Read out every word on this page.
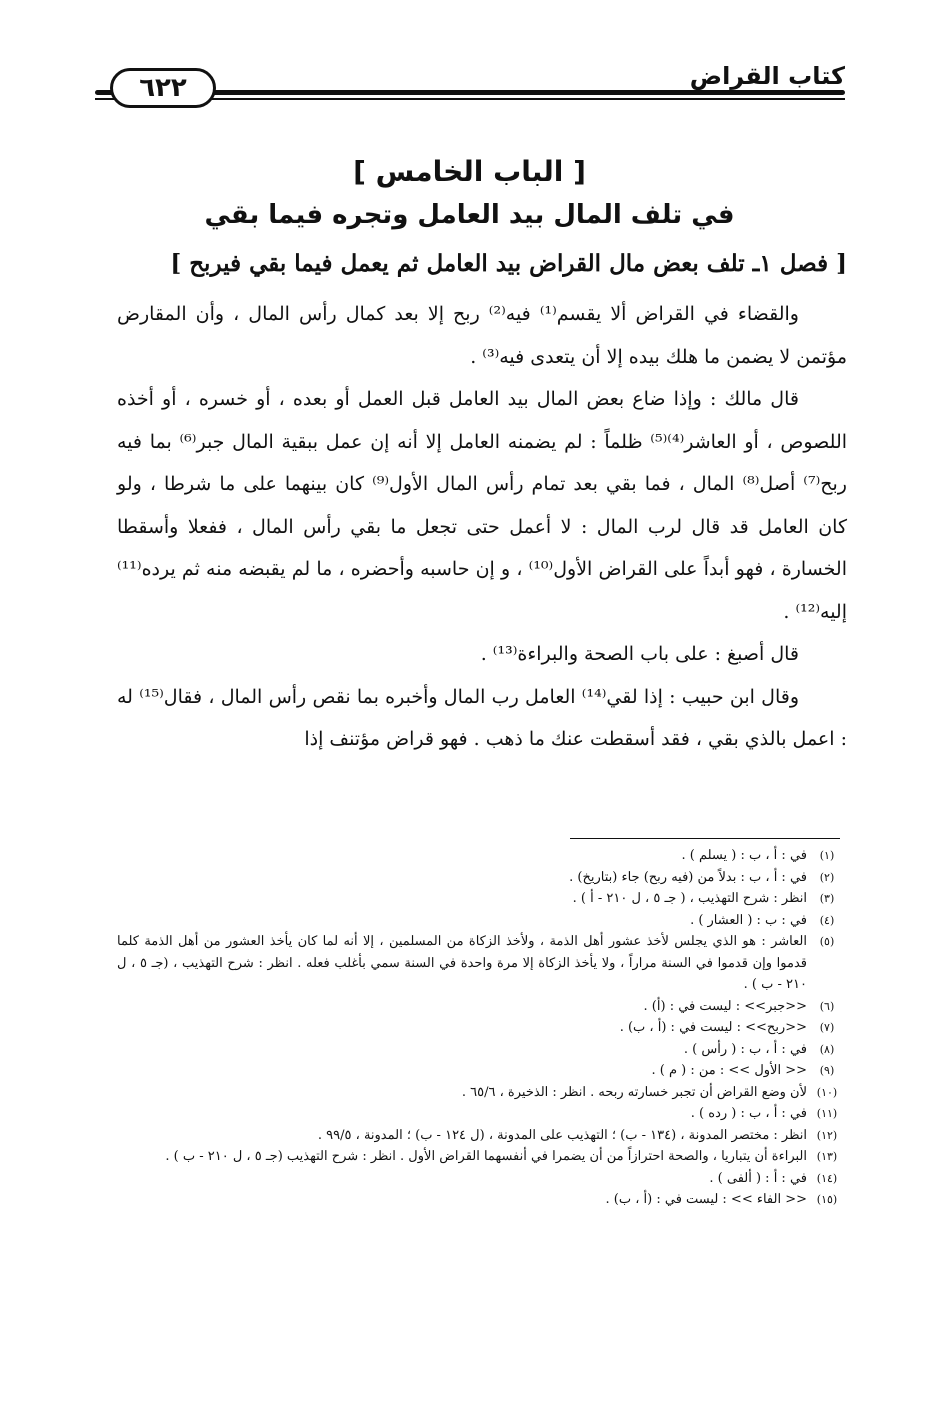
كتاب القراض
٦٢٢
[ الباب الخامس ]
في تلف المال بيد العامل وتجره فيما بقي
[ فصل ١ـ تلف بعض مال القراض بيد العامل ثم يعمل فيما بقي فيربح ]

والقضاء في القراض ألا يقسم⁽¹⁾ فيه⁽²⁾ ربح إلا بعد كمال رأس المال ، وأن المقارض مؤتمن لا يضمن ما هلك بيده إلا أن يتعدى فيه⁽³⁾ .

قال مالك : وإذا ضاع بعض المال بيد العامل قبل العمل أو بعده ، أو خسره ، أو أخذه اللصوص ، أو العاشر⁽⁴⁾⁽⁵⁾ ظلماً : لم يضمنه العامل إلا أنه إن عمل ببقية المال جبر⁽⁶⁾ بما فيه ربح⁽⁷⁾ أصل⁽⁸⁾ المال ، فما بقي بعد تمام رأس المال الأول⁽⁹⁾ كان بينهما على ما شرطا ، ولو كان العامل قد قال لرب المال : لا أعمل حتى تجعل ما بقي رأس المال ، ففعلا وأسقطا الخسارة ، فهو أبداً على القراض الأول⁽¹⁰⁾ ، و إن حاسبه وأحضره ، ما لم يقبضه منه ثم يرده⁽¹¹⁾ إليه⁽¹²⁾ .

قال أصبغ : على باب الصحة والبراءة⁽¹³⁾ .

وقال ابن حبيب : إذا لقي⁽¹⁴⁾ العامل رب المال وأخبره بما نقص رأس المال ، فقال⁽¹⁵⁾ له : اعمل بالذي بقي ، فقد أسقطت عنك ما ذهب . فهو قراض مؤتنف إذا

(١)
في : أ ، ب : ( يسلم ) .
(٢)
في : أ ، ب : بدلاً من (فيه ربح) جاء (بتاريخ) .
(٣)
انظر : شرح التهذيب ، ( جـ ٥ ، ل ٢١٠ - أ ) .
(٤)
في : ب : ( العشار ) .
(٥)
العاشر : هو الذي يجلس لأخذ عشور أهل الذمة ، ولأخذ الزكاة من المسلمين ، إلا أنه لما كان يأخذ العشور من أهل الذمة كلما قدموا وإن قدموا في السنة مراراً ، ولا يأخذ الزكاة إلا مرة واحدة في السنة سمي بأغلب فعله . انظر : شرح التهذيب ، (جـ ٥ ، ل ٢١٠ - ب ) .
(٦)
<<جبر>> : ليست في : (أ) .
(٧)
<<ربح>> : ليست في : (أ ، ب) .
(٨)
في : أ ، ب : ( رأس ) .
(٩)
<< الأول >> : من : ( م ) .
(١٠)
لأن وضع القراض أن تجبر خسارته ربحه . انظر : الذخيرة ، ٦٥/٦ .
(١١)
في : أ ، ب : ( رده ) .
(١٢)
انظر : مختصر المدونة ، (١٣٤ - ب) ؛ التهذيب على المدونة ، (ل ١٢٤ - ب) ؛ المدونة ، ٩٩/٥ .
(١٣)
البراءة أن يتباريا ، والصحة احترازاً من أن يضمرا في أنفسهما القراض الأول . انظر : شرح التهذيب (جـ ٥ ، ل ٢١٠ - ب ) .
(١٤)
في : أ : ( ألفى ) .
(١٥)
<< الفاء >> : ليست في : (أ ، ب) .
